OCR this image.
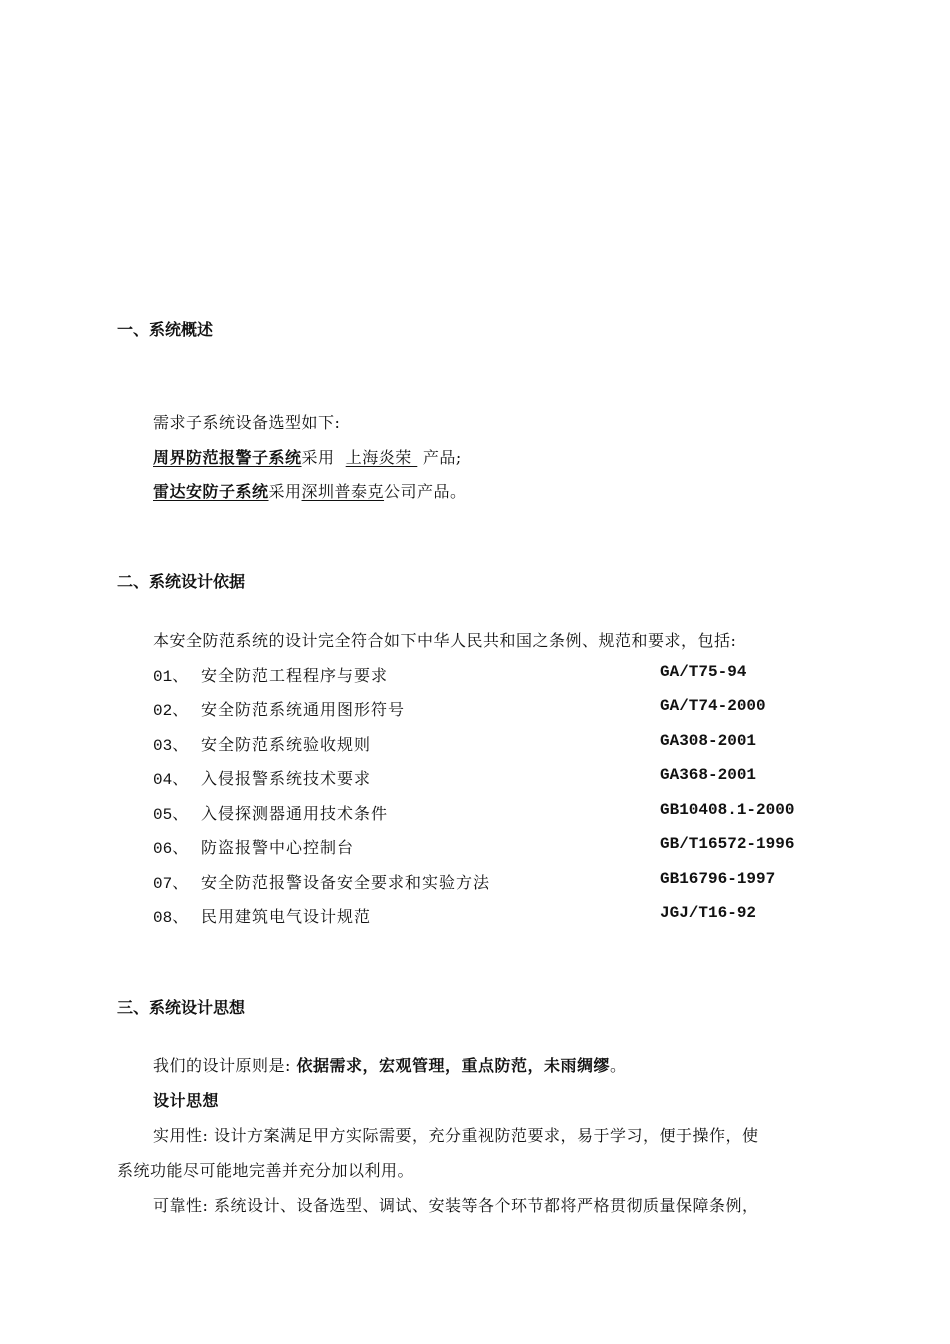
一、系统概述
需求子系统设备选型如下:
周界防范报警子系统采用  上海炎荣  产品;
雷达安防子系统采用深圳普泰克公司产品。
二、系统设计依据
本安全防范系统的设计完全符合如下中华人民共和国之条例、规范和要求，包括:
01、 安全防范工程程序与要求	GA/T75-94
02、 安全防范系统通用图形符号	GA/T74-2000
03、 安全防范系统验收规则	GA308-2001
04、 入侵报警系统技术要求	GA368-2001
05、 入侵探测器通用技术条件	GB10408.1-2000
06、 防盗报警中心控制台	GB/T16572-1996
07、 安全防范报警设备安全要求和实验方法	GB16796-1997
08、 民用建筑电气设计规范	JGJ/T16-92
三、系统设计思想
我们的设计原则是: 依据需求，宏观管理，重点防范，未雨绸缪。
设计思想
实用性: 设计方案满足甲方实际需要，充分重视防范要求，易于学习，便于操作，使
系统功能尽可能地完善并充分加以利用。
可靠性: 系统设计、设备选型、调试、安装等各个环节都将严格贯彻质量保障条例，
